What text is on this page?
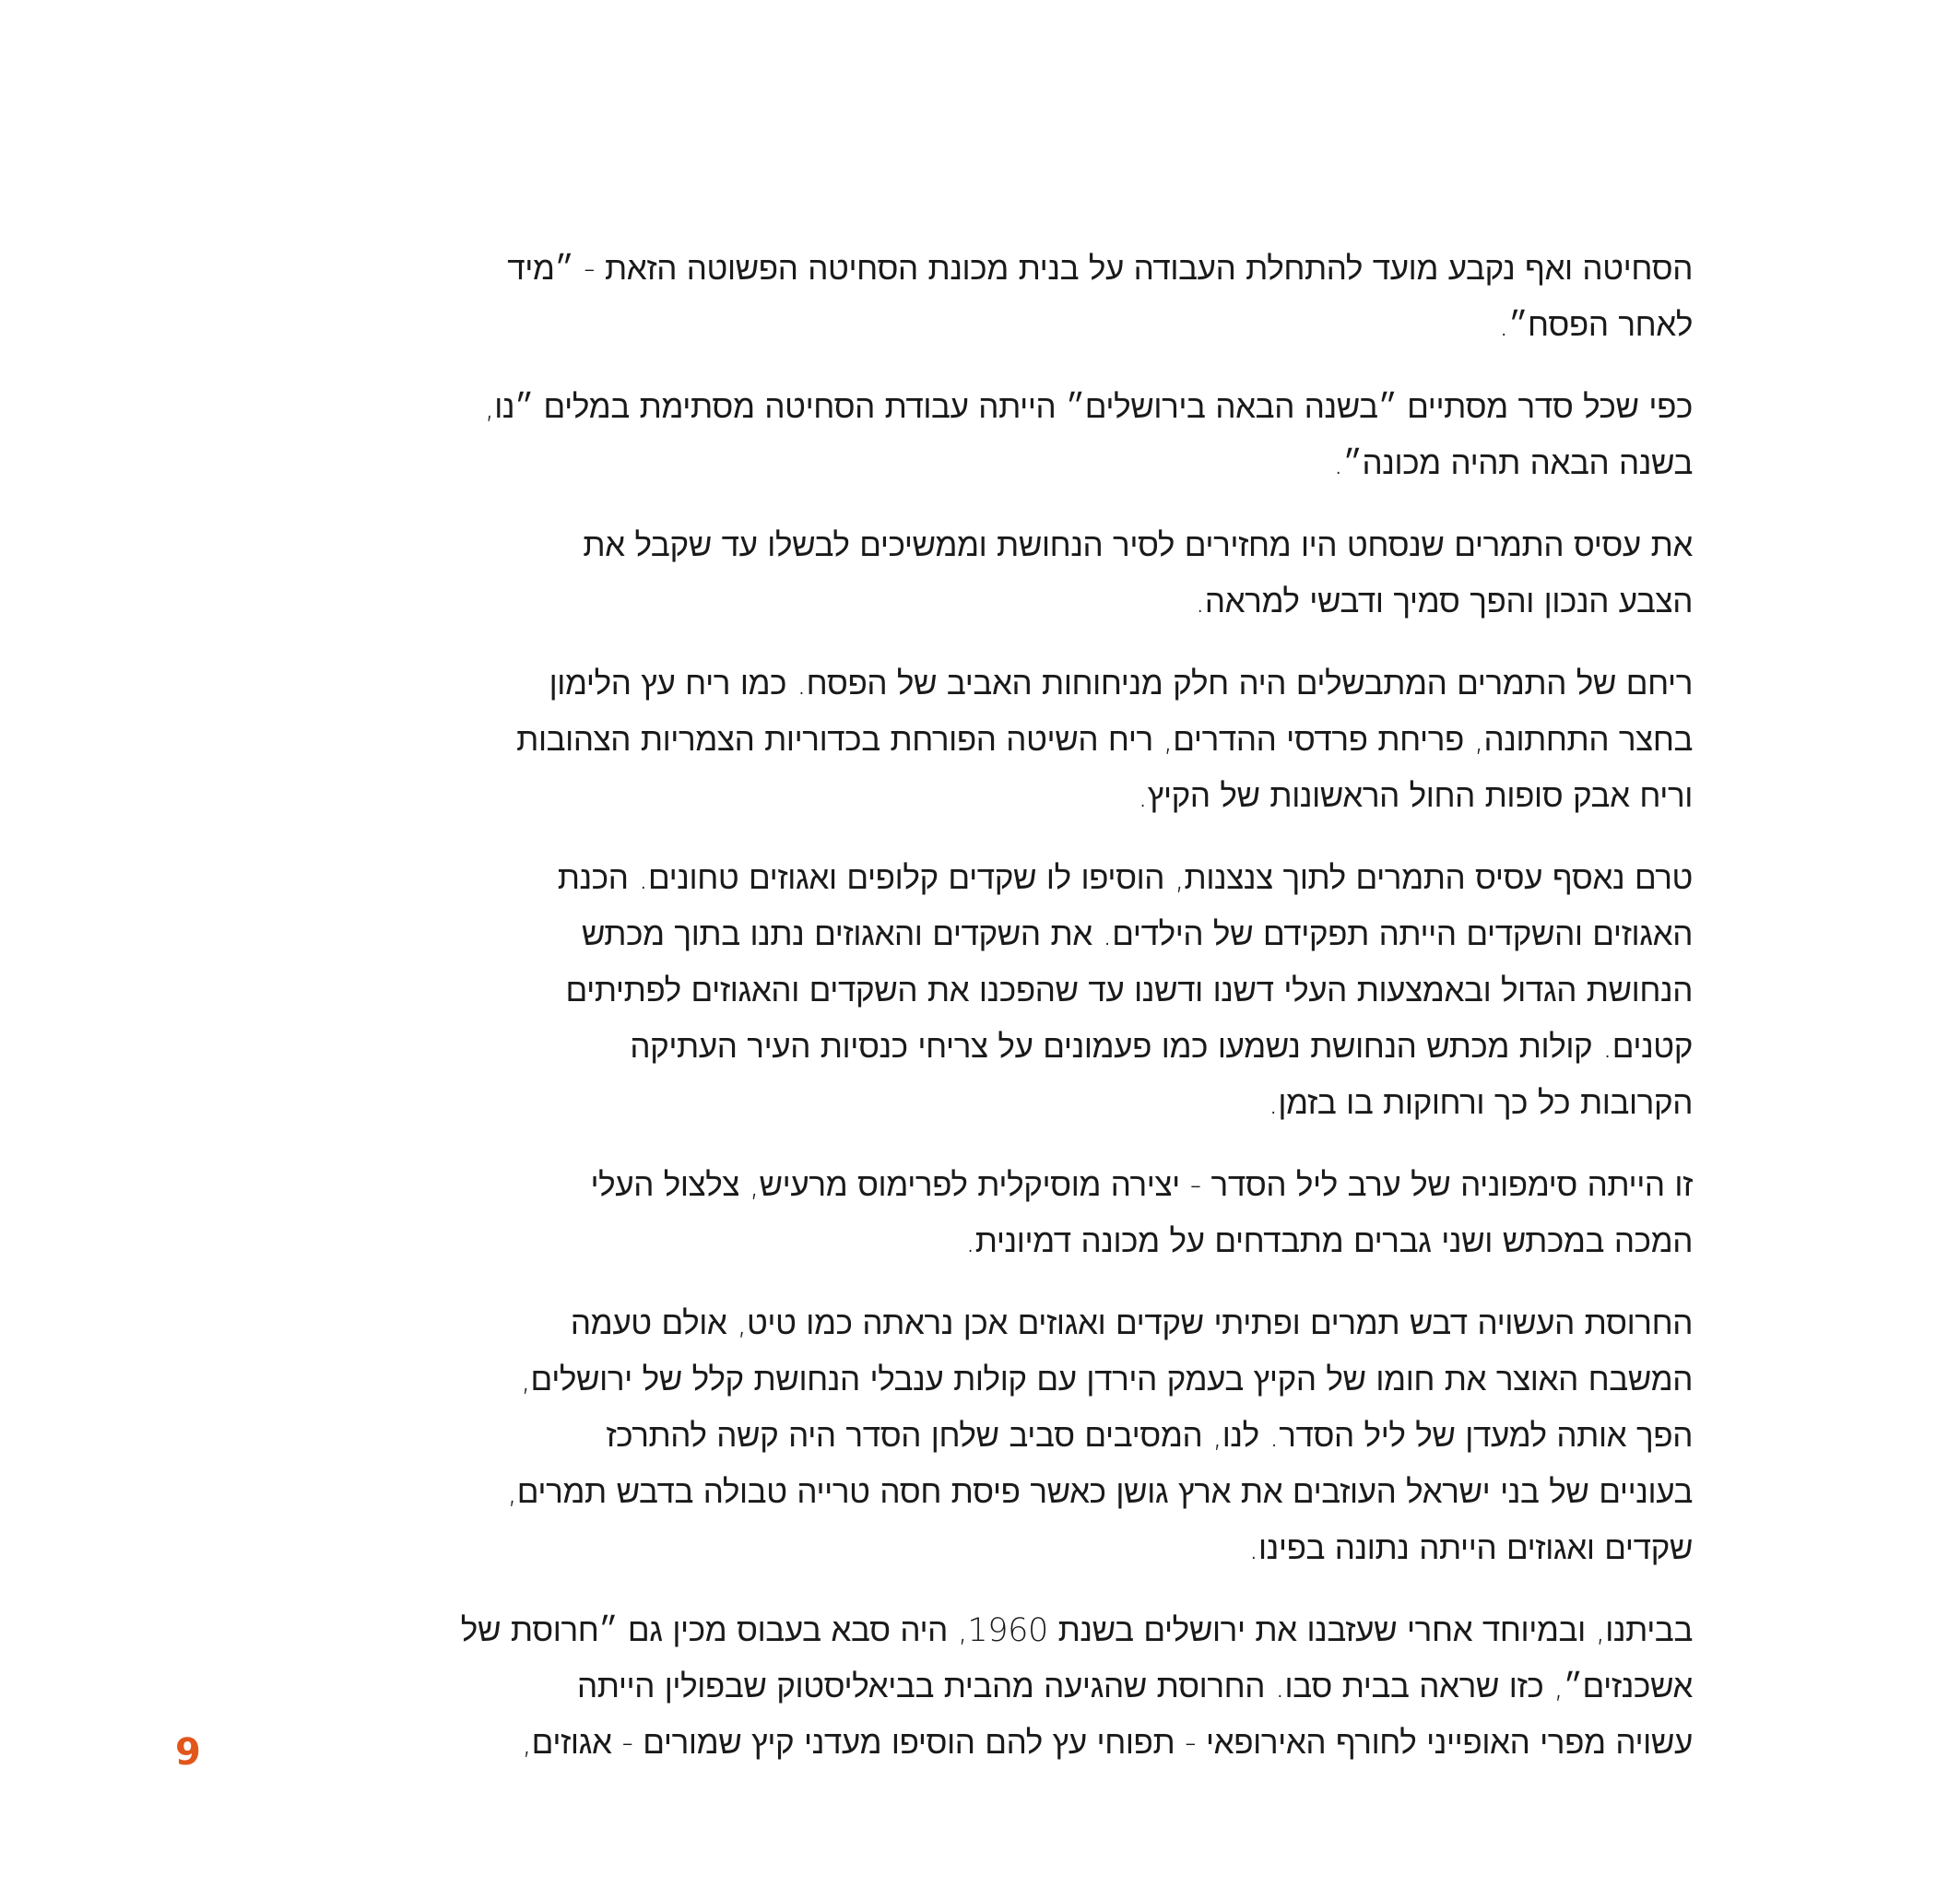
הסחיטה ואף נקבע מועד להתחלת העבודה על בנית מכונת הסחיטה הפשוטה הזאת - ״מיד
לאחר הפסח״.

כפי שכל סדר מסתיים ״בשנה הבאה בירושלים״ הייתה עבודת הסחיטה מסתימת במלים ״נו,
בשנה הבאה תהיה מכונה״.

את עסיס התמרים שנסחט היו מחזירים לסיר הנחושת וממשיכים לבשלו עד שקבל את
הצבע הנכון והפך סמיך ודבשי למראה.

ריחם של התמרים המתבשלים היה חלק מניחוחות האביב של הפסח. כמו ריח עץ הלימון
בחצר התחתונה, פריחת פרדסי ההדרים, ריח השיטה הפורחת בכדוריות הצמריות הצהובות
וריח אבק סופות החול הראשונות של הקיץ.

טרם נאסף עסיס התמרים לתוך צנצנות, הוסיפו לו שקדים קלופים ואגוזים טחונים. הכנת
האגוזים והשקדים הייתה תפקידם של הילדים. את השקדים והאגוזים נתנו בתוך מכתש
הנחושת הגדול ובאמצעות העלי דשנו ודשנו עד שהפכנו את השקדים והאגוזים לפתיתים
קטנים. קולות מכתש הנחושת נשמעו כמו פעמונים על צריחי כנסיות העיר העתיקה
הקרובות כל כך ורחוקות בו בזמן.

זו הייתה סימפוניה של ערב ליל הסדר - יצירה מוסיקלית לפרימוס מרעיש, צלצול העלי
המכה במכתש ושני גברים מתבדחים על מכונה דמיונית.

החרוסת העשויה דבש תמרים ופתיתי שקדים ואגוזים אכן נראתה כמו טיט, אולם טעמה
המשבח האוצר את חומו של הקיץ בעמק הירדן עם קולות ענבלי הנחושת קלל של ירושלים,
הפך אותה למעדן של ליל הסדר. לנו, המסיבים סביב שלחן הסדר היה קשה להתרכז
בעוניים של בני ישראל העוזבים את ארץ גושן כאשר פיסת חסה טרייה טבולה בדבש תמרים,
שקדים ואגוזים הייתה נתונה בפינו.

בביתנו, ובמיוחד אחרי שעזבנו את ירושלים בשנת 1960, היה סבא בעבוס מכין גם ״חרוסת של
אשכנזים״, כזו שראה בבית סבו. החרוסת שהגיעה מהבית בביאליסטוק שבפולין הייתה
עשויה מפרי האופייני לחורף האירופאי - תפוחי עץ להם הוסיפו מעדני קיץ שמורים - אגוזים,

9
